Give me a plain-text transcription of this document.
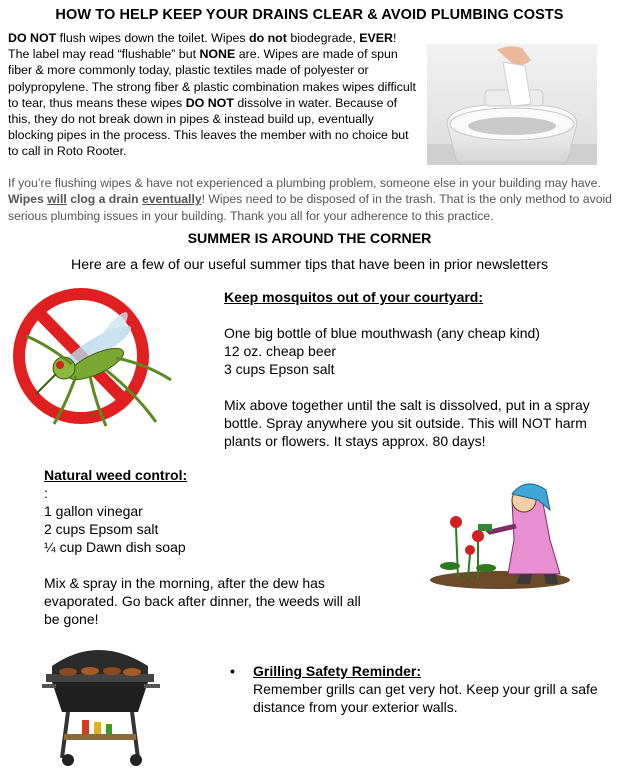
HOW TO HELP KEEP YOUR DRAINS CLEAR & AVOID PLUMBING COSTS
DO NOT flush wipes down the toilet. Wipes do not biodegrade, EVER! The label may read “flushable” but NONE are. Wipes are made of spun fiber & more commonly today, plastic textiles made of polyester or polypropylene. The strong fiber & plastic combination makes wipes difficult to tear, thus means these wipes DO NOT dissolve in water. Because of this, they do not break down in pipes & instead build up, eventually blocking pipes in the process. This leaves the member with no choice but to call in Roto Rooter.
If you’re flushing wipes & have not experienced a plumbing problem, someone else in your building may have. Wipes will clog a drain eventually! Wipes need to be disposed of in the trash. That is the only method to avoid serious plumbing issues in your building. Thank you all for your adherence to this practice.
SUMMER IS AROUND THE CORNER
Here are a few of our useful summer tips that have been in prior newsletters
Keep mosquitos out of your courtyard:
One big bottle of blue mouthwash (any cheap kind)
12 oz. cheap beer
3 cups Epson salt
Mix above together until the salt is dissolved, put in a spray bottle. Spray anywhere you sit outside. This will NOT harm plants or flowers. It stays approx. 80 days!
Natural weed control:
:
1 gallon vinegar
2 cups Epsom salt
¼ cup Dawn dish soap
Mix & spray in the morning, after the dew has evaporated. Go back after dinner, the weeds will all be gone!
• Grilling Safety Reminder:
Remember grills can get very hot. Keep your grill a safe distance from your exterior walls.
